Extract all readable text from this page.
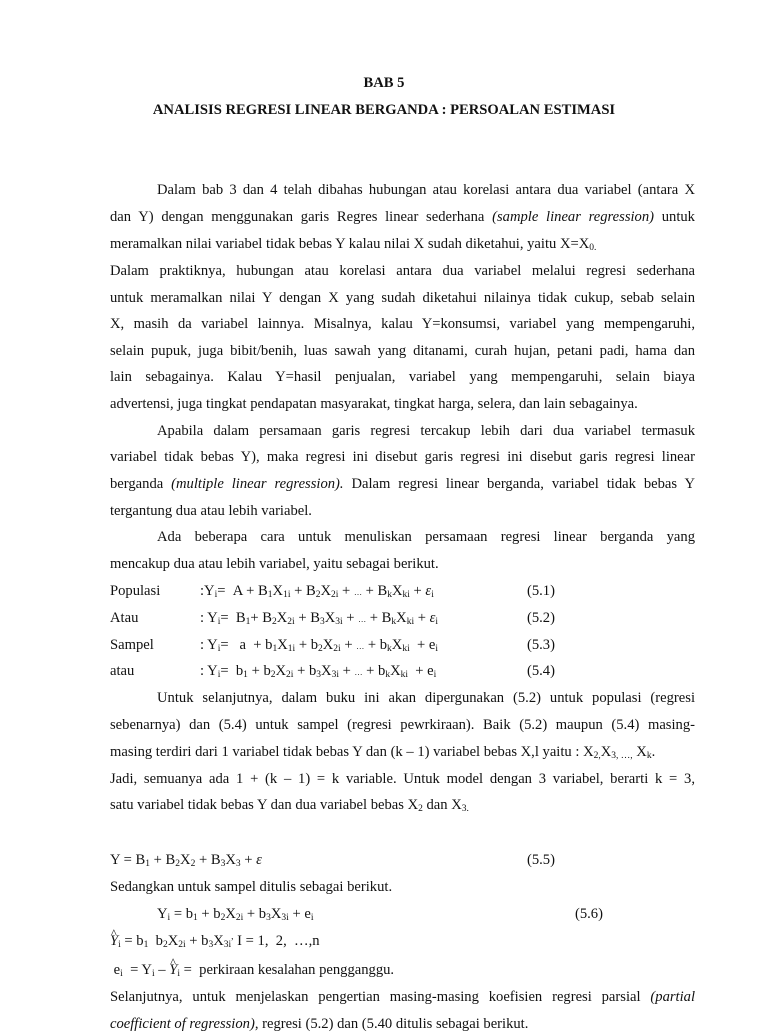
BAB 5
ANALISIS REGRESI LINEAR BERGANDA : PERSOALAN ESTIMASI
Dalam bab 3 dan 4 telah dibahas hubungan atau korelasi antara dua variabel (antara X
dan Y) dengan menggunakan garis Regres linear sederhana (sample linear regression) untuk
meramalkan nilai variabel tidak bebas Y kalau nilai X sudah diketahui, yaitu $X=X_{0.}$
Dalam praktiknya, hubungan atau korelasi antara dua variabel melalui regresi sederhana
untuk meramalkan nilai Y dengan X yang sudah diketahui nilainya tidak cukup, sebab selain
X, masih da variabel lainnya. Misalnya, kalau Y=konsumsi, variabel yang mempengaruhi,
selain pupuk, juga bibit/benih, luas sawah yang ditanami, curah hujan, petani padi, hama dan
lain sebagainya. Kalau Y=hasil penjualan, variabel yang mempengaruhi, selain biaya
advertensi, juga tingkat pendapatan masyarakat, tingkat harga, selera, dan lain sebagainya.
Apabila dalam persamaan garis regresi tercakup lebih dari dua variabel termasuk
variabel tidak bebas Y), maka regresi ini disebut garis regresi ini disebut garis regresi linear
berganda (multiple linear regression). Dalam regresi linear berganda, variabel tidak bebas Y
tergantung dua atau lebih variabel.
Ada beberapa cara untuk menuliskan persamaan regresi linear berganda yang
mencakup dua atau lebih variabel, yaitu sebagai berikut.
Populasi	$:Y_i= A + B_1X_{1i} + B_2X_{2i}$ + … + $B_kX_{ki} + \varepsilon_i$	(5.1)
Atau	: $Y_i= B_1+ B_2X_{2i} + B_3X_{3i}$ + … + $B_kX_{ki} + \varepsilon_i$	(5.2)
Sampel	: $Y_i= a + b_1X_{1i} + b_2X_{2i}$ + … + $b_kX_{ki} + e_i$	(5.3)
atau	: $Y_i= b_1 + b_2X_{2i} + b_3X_{3i}$ + … + $b_kX_{ki} + e_i$	(5.4)
Untuk selanjutnya, dalam buku ini akan dipergunakan (5.2) untuk populasi (regresi
sebenarnya) dan (5.4) untuk sampel (regresi pewrkiraan). Baik (5.2) maupun (5.4) masing-
masing terdiri dari 1 variabel tidak bebas Y dan (k – 1) variabel bebas X,l yaitu : $X_{2,}X_{3, \dots,}$ $X_k$.
Jadi, semuanya ada 1 + (k – 1) = k variable. Untuk model dengan 3 variabel, berarti k = 3,
satu variabel tidak bebas Y dan dua variabel bebas $X_2$ dan $X_{3.}$
$Y = B_1 + B_2X_2 + B_3X_3 + \varepsilon$	(5.5)
Sedangkan untuk sampel ditulis sebagai berikut.
$Y_i = b_1 + b_2X_{2i} + b_3X_{3i} + e_i$	(5.6)
^ $Y_i = b_1$  $b_2X_{2i} + b_3X_{3i}^,$ I = 1,  2,  …,n
$e_i = Y_i$ – ^ $Y_i$ =  perkiraan kesalahan pengganggu.
Selanjutnya, untuk menjelaskan pengertian masing-masing koefisien regresi parsial (partial
coefficient of regression), regresi (5.2) dan (5.40 ditulis sebagai berikut.
